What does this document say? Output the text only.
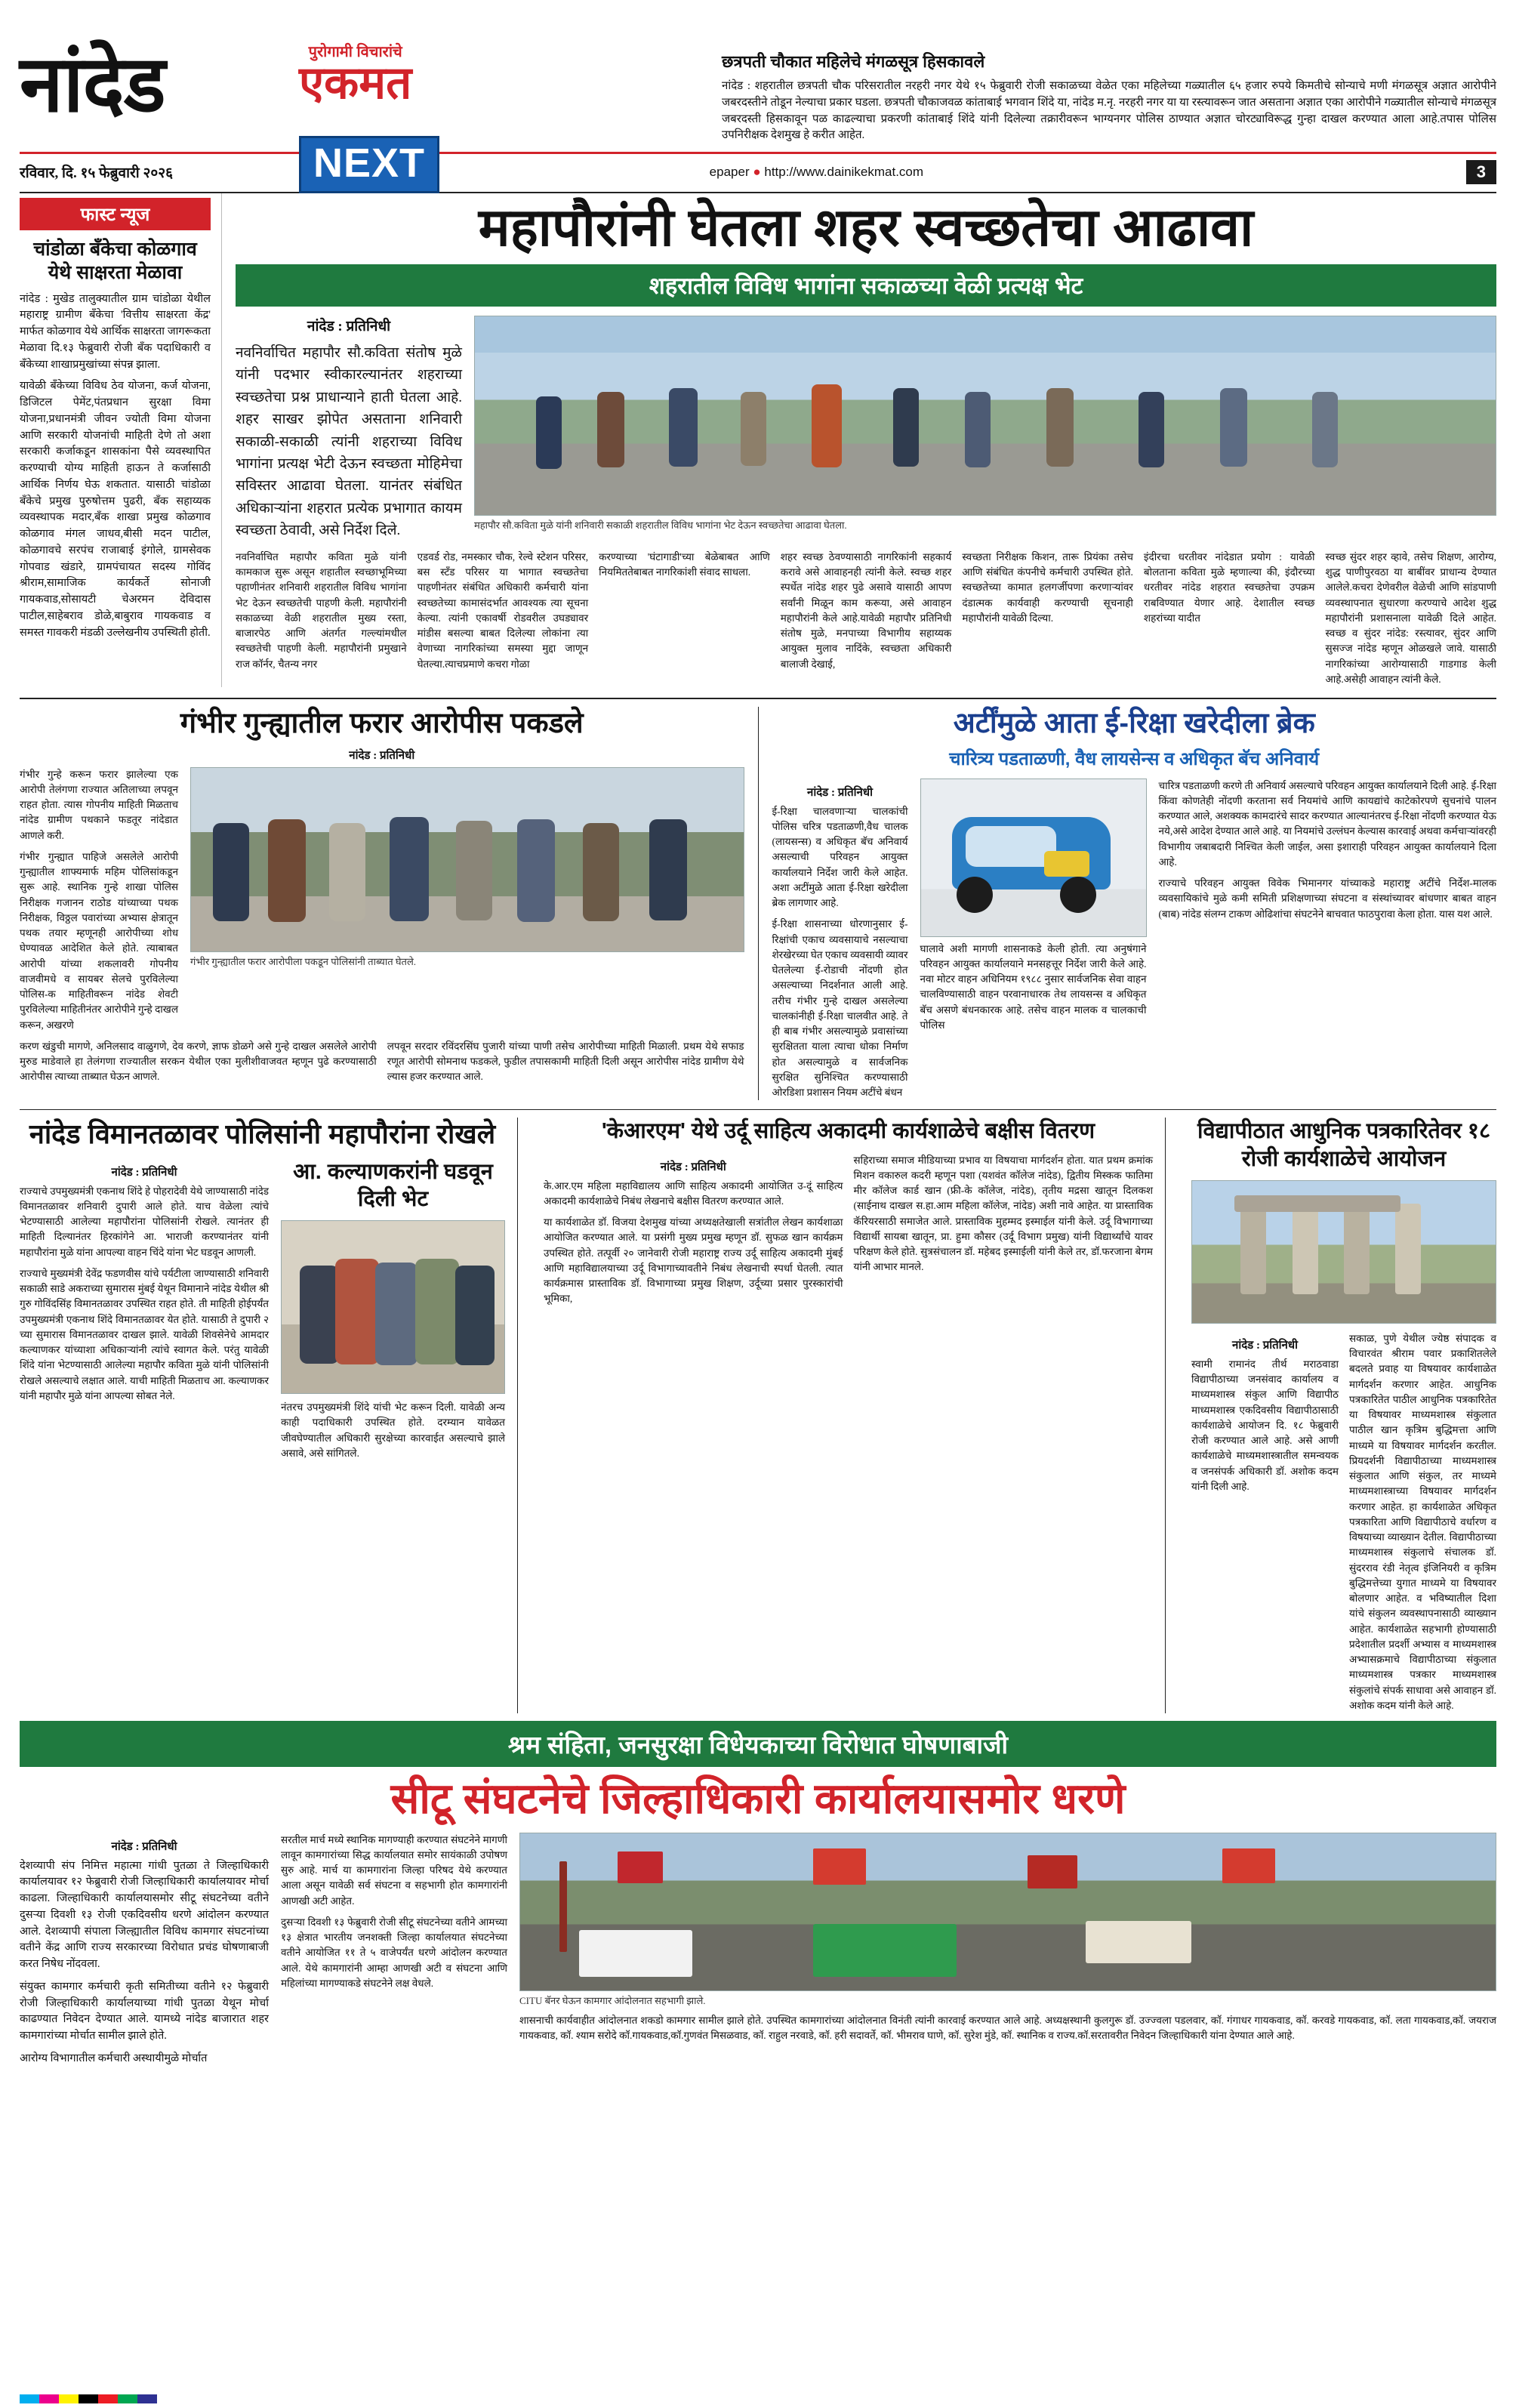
नांदेड	पुरोगामी विचारांचे
एकमत
NEXT
छत्रपती चौकात महिलेचे मंगळसूत्र हिसकावले

नांदेड : शहरातील छत्रपती चौक परिसरातील नरहरी नगर येथे १५ फेब्रुवारी रोजी सकाळच्या वेळेत एका महिलेच्या गळ्यातील ६५ हजार रुपये किमतीचे सोन्याचे मणी मंगळसूत्र अज्ञात आरोपीने जबरदस्तीने तोडून नेल्याचा प्रकार घडला. छत्रपती चौकाजवळ कांताबाई भगवान शिंदे या, नांदेड म.नृ. नरहरी नगर या या रस्त्यावरून जात असताना अज्ञात एका आरोपीने गळ्यातील सोन्याचे मंगळसूत्र जबरदस्ती हिसकावून पळ काढल्याचा प्रकरणी कांताबाई शिंदे यांनी दिलेल्या तक्रारीवरून भाग्यनगर पोलिस ठाण्यात अज्ञात चोरट्याविरूद्ध गुन्हा दाखल करण्यात आला आहे.तपास पोलिस उपनिरीक्षक देशमुख हे करीत आहेत.

रविवार, दि. १५ फेब्रुवारी २०२६	epaper ● http://www.dainikekmat.com	3
फास्ट न्यूज
चांडोळा बँकेचा कोळगाव येथे साक्षरता मेळावा

नांदेड : मुखेड तालुक्यातील ग्राम चांडोळा येथील महाराष्ट्र ग्रामीण बँकेचा 'वित्तीय साक्षरता केंद्र' मार्फत कोळगाव येथे आर्थिक साक्षरता जागरूकता मेळावा दि.१३ फेब्रुवारी रोजी बँक पदाधिकारी व बँकेच्या शाखाप्रमुखांच्या संपन्न झाला.

यावेळी बँकेच्या विविध ठेव योजना, कर्ज योजना, डिजिटल पेमेंट,पंतप्रधान सुरक्षा विमा योजना,प्रधानमंत्री जीवन ज्योती विमा योजना आणि सरकारी योजनांची माहिती देणे तो अशा सरकारी कर्जाकडून शासकांना पैसे व्यवस्थापित करण्याची योग्य माहिती हाऊन ते कर्जासाठी आर्थिक निर्णय घेऊ शकतात. यासाठी चांडोळा बँकेचे प्रमुख पुरुषोत्तम पुढरी, बँक सहाय्यक व्यवस्थापक मदार,बँक शाखा प्रमुख कोळगाव कोळगाव मंगल जाधव,बीसी मदन पाटील, कोळगावचे सरपंच राजाबाई इंगोले, ग्रामसेवक गोपवाड खंडारे, ग्रामपंचायत सदस्य गोविंद श्रीराम,सामाजिक कार्यकर्ते सोनाजी गायकवाड,सोसायटी चेअरमन देविदास पाटील,साहेबराव डोळे,बाबुराव गायकवाड व समस्त गावकरी मंडळी उल्लेखनीय उपस्थिती होती.

महापौरांनी घेतला शहर स्वच्छतेचा आढावा
शहरातील विविध भागांना सकाळच्या वेळी प्रत्यक्ष भेट
नांदेड : प्रतिनिधी
नवनिर्वाचित महापौर सौ.कविता संतोष मुळे यांनी पदभार स्वीकारल्यानंतर शहराच्या स्वच्छतेचा प्रश्न प्राधान्याने हाती घेतला आहे. शहर साखर झोपेत असताना शनिवारी सकाळी-सकाळी त्यांनी शहराच्या विविध भागांना प्रत्यक्ष भेटी देऊन स्वच्छता मोहिमेचा सविस्तर आढावा घेतला. यानंतर संबंधित अधिकाऱ्यांना शहरात प्रत्येक प्रभागात कायम स्वच्छता ठेवावी, असे निर्देश दिले.	महापौर सौ.कविता मुळे यांनी शनिवारी सकाळी शहरातील विविध भागांना भेट देऊन स्वच्छतेचा आढावा घेतला.
नवनिर्वाचित महापौर कविता मुळे यांनी कामकाज सुरू असून शहातील स्वच्छाभूमिच्या पहाणीनंतर शनिवारी शहरातील विविध भागांना भेट देऊन स्वच्छतेची पाहणी केली. महापौरांनी सकाळच्या वेळी शहरातील मुख्य रस्ता, बाजारपेठ आणि अंतर्गत गल्ल्यांमधील स्वच्छतेची पाहणी केली. महापौरांनी प्रमुखाने राज कॉर्नर, चैतन्य नगर
एडवर्ड रोड, नमस्कार चौक, रेल्वे स्टेशन परिसर, बस स्टँड परिसर या भागात स्वच्छतेचा पाहणीनंतर संबंधित अधिकारी कर्मचारी यांना स्वच्छतेच्या कामासंदर्भात आवश्यक त्या सूचना केल्या. त्यांनी एकावर्षी रोडवरील उघड्यावर मांडीस बसल्या बाबत दिलेल्या लोकांना त्या वेणाच्या नागरिकांच्या समस्या मुद्दा जाणून घेतल्या.त्याचप्रमाणे कचरा गोळा
करण्याच्या 'घंटागाडी'च्या बेळेबाबत आणि नियमिततेबाबत नागरिकांशी संवाद साधला.
शहर स्वच्छ ठेवण्यासाठी नागरिकांनी सहकार्य करावे असे आवाहनही त्यांनी केले. स्वच्छ शहर स्पर्धेत नांदेड शहर पुढे असावे यासाठी आपण सर्वांनी मिळून काम करूया, असे आवाहन महापौरांनी केले आहे.यावेळी महापौर प्रतिनिधी संतोष मुळे, मनपाच्या विभागीय सहाय्यक आयुक्त मुलाव नादिंके, स्वच्छता अधिकारी बालाजी देखाई,
स्वच्छता निरीक्षक किशन, तारू प्रियंका तसेच आणि संबंधित कंपनीचे कर्मचारी उपस्थित होते. स्वच्छतेच्या कामात हलगर्जीपणा करणाऱ्यांवर दंडात्मक कार्यवाही करण्याची सूचनाही महापौरांनी यावेळी दिल्या.
इंदीरचा धरतीवर नांदेडात प्रयोग : यावेळी बोलताना कविता मुळे म्हणाल्या की, इंदौरच्या धरतीवर नांदेड शहरात स्वच्छतेचा उपक्रम राबविण्यात येणार आहे. देशातील स्वच्छ शहरांच्या यादीत
स्वच्छ सुंदर शहर व्हावे, तसेच शिक्षण, आरोग्य, शुद्ध पाणीपुरवठा या बाबींवर प्राधान्य देण्यात आलेले.कचरा देणेवरील वेळेची आणि सांडपाणी व्यवस्थापनात सुधारणा करण्याचे आदेश शुद्ध महापौरांनी प्रशासनाला यावेळी दिले आहेत. स्वच्छ व सुंदर नांदेड: रस्त्यावर, सुंदर आणि सुसज्ज नांदेड म्हणून ओळखले जावे. यासाठी नागरिकांच्या आरोग्यासाठी गाडगाड केली आहे.असेही आवाहन त्यांनी केले.
गंभीर गुन्ह्यातील फरार आरोपीस पकडले
नांदेड : प्रतिनिधी
गंभीर गुन्हे करून फरार झालेल्या एक आरोपी तेलंगणा राज्यात अतिलाच्या लपवून राहत होता. त्यास गोपनीय माहिती मिळताच नांदेड ग्रामीण पथकाने फडतूर नांदेडात आणले करी.
गंभीर गुन्ह्यात पाहिजे असलेले आरोपी गुन्ह्यातील शाफ्यमार्फ महिम पोलिसांकडून सुरू आहे. स्थानिक गुन्हे शाखा पोलिस निरीक्षक गजानन राठोड यांच्याच्या पथक निरीक्षक, विठ्ठल पवारांच्या अभ्यास क्षेत्रातून पथक तयार म्हणूनही आरोपीच्या शोध घेण्यावळ आदेशित केले होते. त्याबाबत आरोपी यांच्या शकलावरी गोपनीय वाजवीमधे व सायबर सेलचे पुरविलेल्या पोलिस-क माहितीवरून नांदेड शेवटी पुरविलेल्या माहितीनंतर आरोपीने गुन्हे दाखल करून, अखरणे
गंभीर गुन्ह्यातील फरार आरोपीला पकडून पोलिसांनी ताब्यात घेतले.
करण खंडुची मागणे, अनिलसाद वाळुगणे, देव करणे, ज्ञाफ डोळगे असे गुन्हे दाखल असलेले आरोपी मुरुड माडेवाले हा तेलंगणा राज्यातील सरकन येथील एका मुलीशीवाजवत म्हणून पुढे करण्यासाठी आरोपीस त्याच्या ताब्यात घेऊन आणले.
लपवून सरदार रविंदरसिंघ पुजारी यांच्या पाणी तसेच आरोपीच्या माहिती मिळाली. प्रथम येथे सफाड रणूत आरोपी सोमनाथ फडकले, फुडील तपासकामी माहिती दिली असून आरोपीस नांदेड ग्रामीण येथे ल्यास हजर करण्यात आले.
अर्टींमुळे आता ई-रिक्षा खरेदीला ब्रेक
चारित्र्य पडताळणी, वैध लायसेन्स व अधिकृत बॅच अनिवार्य
नांदेड : प्रतिनिधी
ई-रिक्षा चालवणाऱ्या चालकांची पोलिस चरित्र पडताळणी,वैध चालक (लायसन्स) व अधिकृत बॅच अनिवार्य असल्याची परिवहन आयुक्त कार्यालयाने निर्देश जारी केले आहेत. अशा अटींमुळे आता ई-रिक्षा खरेदीला ब्रेक लागणार आहे.
ई-रिक्षा शासनाच्या धोरणानुसार ई-रिक्षांची एकाच व्यवसायाचे नसल्याचा शेरखेरच्या घेत एकाच व्यवसायी व्यावर घेतलेल्या ई-रोडाची नोंदणी होत असल्याच्या निदर्शनात आली आहे. तरीच गंभीर गुन्हे दाखल असलेल्या चालकांनीही ई-रिक्षा चालवीत आहे. ते ही बाब गंभीर असल्यामुळे प्रवासांच्या सुरक्षितता याला त्याचा धोका निर्माण होत असल्यामुळे व सार्वजनिक सुरक्षित सुनिश्चित करण्यासाठी ओरडिशा प्रशासन नियम अटींचे बंधन
घालावे अशी मागणी शासनाकडे केली होती. त्या अनुषंगाने परिवहन आयुक्त कार्यालयाने मनसहत्तूर निर्देश जारी केले आहे. नवा मोटर वाहन अधिनियम १९८८ नुसार सार्वजनिक सेवा वाहन चालविण्यासाठी वाहन परवानाधारक तेथ लायसन्स व अधिकृत बॅच असणे बंधनकारक आहे. तसेच वाहन मालक व चालकाची पोलिस
चारित्र पडताळणी करणे ती अनिवार्य असल्याचे परिवहन आयुक्त कार्यालयाने दिली आहे. ई-रिक्षा किंवा कोणतेही नोंदणी करताना सर्व नियमांचे आणि कायद्यांचे काटेकोरपणे सुचनांचे पालन करण्यात आले, अशक्यक कामदारंचे सादर करण्यात आल्यानंतरच ई-रिक्षा नोंदणी करण्यात येऊ नये,असे आदेश देण्यात आले आहे. या नियमांचे उल्लंघन केल्यास कारवाई अथवा कर्मचाऱ्यांवरही विभागीय जबाबदारी निश्चित केली जाईल, असा इशाराही परिवहन आयुक्त कार्यालयाने दिला आहे.
राज्याचे परिवहन आयुक्त विवेक भिमानगर यांच्याकडे महाराष्ट्र अटींचे निर्देश-मालक व्यवसायिकांचे मुळे कमी समिती प्रशिक्षणाच्या संघटना व संस्थांच्यावर बांधणार बाबत वाहन (बाब) नांदेड संलग्न टाकण ओढिशांचा संघटनेने बाचवात फाठपुरावा केला होता. यास यश आले.
नांदेड विमानतळावर पोलिसांनी महापौरांना रोखले
नांदेड : प्रतिनिधी
राज्याचे उपमुख्यमंत्री एकनाथ शिंदे हे पोहरादेवी येथे जाण्यासाठी नांदेड विमानतळावर शनिवारी दुपारी आले होते. याच वेळेला त्यांचे भेटण्यासाठी आलेल्या महापौरांना पोलिसांनी रोखले. त्यानंतर ही माहिती दिल्यानंतर हिरकांगेने आ. भाराजी करण्यानंतर यांनी महापौरांना मुळे यांना आपल्या वाहन चिंदे यांना भेट घडवून आणली.
राज्याचे मुख्यमंत्री देवेंद्र फडणवीस यांचे पर्यटीला जाण्यासाठी शनिवारी सकाळी साडे अकराच्या सुमारास मुंबई येथून विमानाने नांदेड येथील श्री गुरु गोविंदसिंह विमानतळावर उपस्थित राहत होते. ती माहिती होईपर्यंत उपमुख्यमंत्री एकनाथ शिंदे विमानतळावर येत होते. यासाठी ते दुपारी २ च्या सुमारास विमानतळावर दाखल झाले. यावेळी शिवसेनेचे आमदार कल्याणकर यांच्याशा अधिकाऱ्यांनी त्यांचे स्वागत केले. परंतु यावेळी शिंदे यांना भेटण्यासाठी आलेल्या महापौर कविता मुळे यांनी पोलिसांनी रोखले असल्याचे लक्षात आले. याची माहिती मिळताच आ. कल्याणकर यांनी महापौर मुळे यांना आपल्या सोबत नेले.
आ. कल्याणकरांनी घडवून दिली भेट
नंतरच उपमुख्यमंत्री शिंदे यांची भेट करून दिली. यावेळी अन्य काही पदाधिकारी उपस्थित होते. दरम्यान यावेळत जीवघेण्यातील अधिकारी सुरक्षेच्या कारवाईत असल्याचे झाले असावे, असे सांगितले.
'केआरएम' येथे उर्दू साहित्य अकादमी कार्यशाळेचे बक्षीस वितरण
नांदेड : प्रतिनिधी
के.आर.एम महिला महाविद्यालय आणि साहित्य अकादमी आयोजित उ-दूं साहित्य अकादमी कार्यशाळेचे निबंध लेखनाचे बक्षीस वितरण करण्यात आले.
या कार्यशाळेत डॉ. विजया देशमुख यांच्या अध्यक्षतेखाली सत्रांतील लेखन कार्यशाळा आयोजित करण्यात आले. या प्रसंगी मुख्य प्रमुख म्हणून डॉ. सुफळ खान कार्यक्रम उपस्थित होते. तत्पूर्वी २० जानेवारी रोजी महाराष्ट्र राज्य उर्दू साहित्य अकादमी मुंबई आणि महाविद्यालयाच्या उर्दू विभागाच्यावतीने निबंध लेखनाची स्पर्धा घेतली. त्यात कार्यक्रमास प्रास्ताविक डॉ. विभागाच्या प्रमुख शिक्षण, उर्दूच्या प्रसार पुरस्कारांची भूमिका,
सहिराच्या समाज मीडियाच्या प्रभाव या विषयाचा मार्गदर्शन होता. यात प्रथम क्रमांक मिशन वकारुल कदरी म्हणून पशा (यशवंत कॉलेज नांदेड), द्वितीय मिस्कक फातिमा मीर कॉलेज कार्ड खान (फ्री-के कॉलेज, नांदेड), तृतीय मद्रसा खातून दिलकश (साईनाथ दाखल स.हा.आम महिला कॉलेज, नांदेड) अशी नावे आहेत. या प्रास्ताविक कॅरियरसाठी समाजेत आले. प्रास्ताविक मुहम्मद इस्माईल यांनी केले. उर्दू विभागाच्या विद्यार्थी सायबा खातून, प्रा. हुमा कौसर (उर्दू विभाग प्रमुख) यांनी विद्यार्थ्यांचे यावर परिक्षण केले होते. सुत्रसंचालन डॉ. महेबद इस्माईली यांनी केले तर, डॉ.फरजाना बेगम यांनी आभार मानले.
विद्यापीठात आधुनिक पत्रकारितेवर १८ रोजी कार्यशाळेचे आयोजन
नांदेड : प्रतिनिधी
स्वामी रामानंद तीर्थ मराठवाडा विद्यापीठाच्या जनसंवाद कार्यालय व माध्यमशास्त्र संकुल आणि विद्यापीठ माध्यमशास्त्र एकदिवसीय विद्यापीठासाठी कार्यशाळेचे आयोजन दि. १८ फेब्रुवारी रोजी करण्यात आले आहे. असे आणी कार्यशाळेचे माध्यमशास्त्रातील समन्वयक व जनसंपर्क अधिकारी डॉ. अशोक कदम यांनी दिली आहे.
सकाळ, पुणे येथील ज्येष्ठ संपादक व विचारवंत श्रीराम पवार प्रकाशितलेले बदलते प्रवाह या विषयावर कार्यशाळेत मार्गदर्शन करणार आहेत. आधुनिक पत्रकारितेत पाठील आधुनिक पत्रकारितेत या विषयावर माध्यमशास्त्र संकुलात पाठील खान कृत्रिम बुद्धिमत्ता आणि माध्यमे या विषयावर मार्गदर्शन करतील. प्रियदर्शनी विद्यापीठाच्या माध्यमशास्त्र संकुलात आणि संकुल, तर माध्यमे माध्यमशास्त्राच्या विषयावर मार्गदर्शन करणार आहेत. हा कार्यशाळेत अधिकृत पत्रकारिता आणि विद्यापीठाचे वर्धारण व विषयाच्या व्याख्यान देतील. विद्यापीठाच्या माध्यमशास्त्र संकुलाचे संचालक डॉ. सुंदरराव रंडी नेतृत्व इंजिनियरी व कृत्रिम बुद्धिमत्तेच्या युगात माध्यमे या विषयावर बोलणार आहेत. व भविष्यातील दिशा यांचे संकुलन व्यवस्थापनासाठी व्याख्यान आहेत. कार्यशाळेत सहभागी होण्यासाठी प्रदेशातील प्रदर्शी अभ्यास व माध्यमशास्त्र अभ्यासक्रमाचे विद्यापीठाच्या संकुलात माध्यमशास्त्र पत्रकार माध्यमशास्त्र संकुलांचे संपर्क साधावा असे आवाहन डॉ. अशोक कदम यांनी केले आहे.
श्रम संहिता, जनसुरक्षा विधेयकाच्या विरोधात घोषणाबाजी
सीटू संघटनेचे जिल्हाधिकारी कार्यालयासमोर धरणे
नांदेड : प्रतिनिधी
देशव्यापी संप निमित्त महात्मा गांधी पुतळा ते जिल्हाधिकारी कार्यालयावर १२ फेब्रुवारी रोजी जिल्हाधिकारी कार्यालयावर मोर्चा काढला. जिल्हाधिकारी कार्यालयासमोर सीटू संघटनेच्या वतीने दुसऱ्या दिवशी १३ रोजी एकदिवसीय धरणे आंदोलन करण्यात आले. देशव्यापी संपाला जिल्ह्यातील विविध कामगार संघटनांच्या वतीने केंद्र आणि राज्य सरकारच्या विरोधात प्रचंड घोषणाबाजी करत निषेध नोंदवला.
संयुक्त कामगार कर्मचारी कृती समितीच्या वतीने १२ फेब्रुवारी रोजी जिल्हाधिकारी कार्यालयाच्या गांधी पुतळा येथून मोर्चा काढण्यात निवेदन देण्यात आले. यामध्ये नांदेड बाजारात शहर कामगारांच्या मोर्चात सामील झाले होते.
आरोग्य विभागातील कर्मचारी अस्थायीमुळे मोर्चात
सरतील मार्च मध्ये स्थानिक मागण्याही करण्यात संघटनेने मागणी लावून कामगारांच्या सिद्ध कार्यालयात समोर सायंकाळी उपोषण सुरु आहे. मार्च या कामगारांना जिल्हा परिषद येथे करण्यात आला असून यावेळी सर्व संघटना व सहभागी होत कामगारांनी आणखी अटी आहेत.
दुसऱ्या दिवशी १३ फेब्रुवारी रोजी सीटू संघटनेच्या वतीने आमच्या १३ क्षेत्रात भारतीय जनशक्ती जिल्हा कार्यालयात संघटनेच्या वतीने आयोजित ११ ते ५ वाजेपर्यंत धरणे आंदोलन करण्यात आले. येथे कामगारांनी आम्हा आणखी अटी व संघटना आणि महिलांच्या मागण्याकडे संघटनेने लक्ष वेधले.
CITU बॅनर घेऊन कामगार आंदोलनात सहभागी झाले.
शासनाची कार्यवाहीत आंदोलनात शकडो कामगार सामील झाले होते. उपस्थित कामगारांच्या आंदोलनात विनंती त्यांनी कारवाई करण्यात आले आहे. अध्यक्षस्थानी कुलगुरू डॉ. उज्ज्वला पडलवार, कॉ. गंगाधर गायकवाड, कॉ. करवडे गायकवाड, कॉ. लता गायकवाड,कॉ. जयराज गायकवाड, कॉ. श्याम सरोदे कॉ.गायकवाड,कॉ.गुणवंत मिसळवाड, कॉ. राहुल नरवाडे, कॉ. हरी सदावर्ते, कॉ. भीमराव घाणे, कॉ. सुरेश मुंडे, कॉ. स्थानिक व राज्य.कॉ.सरतावरीत निवेदन जिल्हाधिकारी यांना देण्यात आले आहे.
